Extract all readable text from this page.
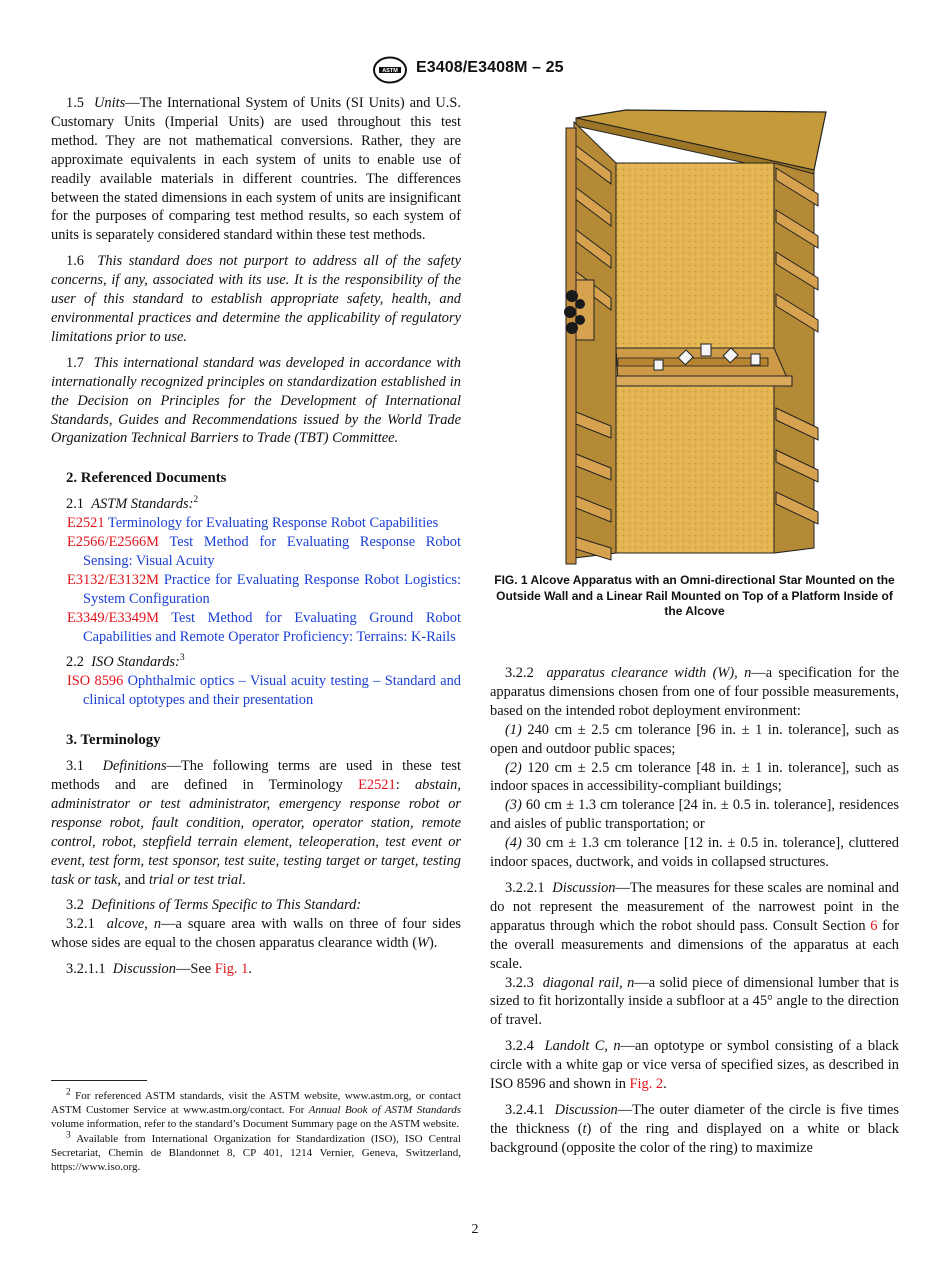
ASTM E3408/E3408M – 25

1.5 Units—The International System of Units (SI Units) and U.S. Customary Units (Imperial Units) are used throughout this test method. They are not mathematical conversions. Rather, they are approximate equivalents in each system of units to enable use of readily available materials in different countries. The differences between the stated dimensions in each system of units are insignificant for the purposes of comparing test method results, so each system of units is separately considered standard within these test methods.

1.6 This standard does not purport to address all of the safety concerns, if any, associated with its use. It is the responsibility of the user of this standard to establish appropriate safety, health, and environmental practices and determine the applicability of regulatory limitations prior to use.

1.7 This international standard was developed in accordance with internationally recognized principles on standardization established in the Decision on Principles for the Development of International Standards, Guides and Recommendations issued by the World Trade Organization Technical Barriers to Trade (TBT) Committee.

2. Referenced Documents

2.1 ASTM Standards:$^2$

E2521 Terminology for Evaluating Response Robot Capabilities

E2566/E2566M Test Method for Evaluating Response Robot Sensing: Visual Acuity

E3132/E3132M Practice for Evaluating Response Robot Logistics: System Configuration

E3349/E3349M Test Method for Evaluating Ground Robot Capabilities and Remote Operator Proficiency: Terrains: K-Rails

2.2 ISO Standards:$^3$

ISO 8596 Ophthalmic optics – Visual acuity testing – Standard and clinical optotypes and their presentation

3. Terminology

3.1 Definitions—The following terms are used in these test methods and are defined in Terminology E2521: abstain, administrator or test administrator, emergency response robot or response robot, fault condition, operator, operator station, remote control, robot, stepfield terrain element, teleoperation, test event or event, test form, test sponsor, test suite, testing target or target, testing task or task, and trial or test trial.

3.2 Definitions of Terms Specific to This Standard:

3.2.1 alcove, n—a square area with walls on three of four sides whose sides are equal to the chosen apparatus clearance width (W).

3.2.1.1 Discussion—See Fig. 1.

$^2$ For referenced ASTM standards, visit the ASTM website, www.astm.org, or contact ASTM Customer Service at www.astm.org/contact. For Annual Book of ASTM Standards volume information, refer to the standard’s Document Summary page on the ASTM website.

$^3$ Available from International Organization for Standardization (ISO), ISO Central Secretariat, Chemin de Blandonnet 8, CP 401, 1214 Vernier, Geneva, Switzerland, https://www.iso.org.

FIG. 1 Alcove Apparatus with an Omni-directional Star Mounted on the Outside Wall and a Linear Rail Mounted on Top of a Platform Inside of the Alcove

3.2.2 apparatus clearance width (W), n—a specification for the apparatus dimensions chosen from one of four possible measurements, based on the intended robot deployment environment:

(1) 240 cm ± 2.5 cm tolerance [96 in. ± 1 in. tolerance], such as open and outdoor public spaces;

(2) 120 cm ± 2.5 cm tolerance [48 in. ± 1 in. tolerance], such as indoor spaces in accessibility-compliant buildings;

(3) 60 cm ± 1.3 cm tolerance [24 in. ± 0.5 in. tolerance], residences and aisles of public transportation; or

(4) 30 cm ± 1.3 cm tolerance [12 in. ± 0.5 in. tolerance], cluttered indoor spaces, ductwork, and voids in collapsed structures.

3.2.2.1 Discussion—The measures for these scales are nominal and do not represent the measurement of the narrowest point in the apparatus through which the robot should pass. Consult Section 6 for the overall measurements and dimensions of the apparatus at each scale.

3.2.3 diagonal rail, n—a solid piece of dimensional lumber that is sized to fit horizontally inside a subfloor at a 45° angle to the direction of travel.

3.2.4 Landolt C, n—an optotype or symbol consisting of a black circle with a white gap or vice versa of specified sizes, as described in ISO 8596 and shown in Fig. 2.

3.2.4.1 Discussion—The outer diameter of the circle is five times the thickness (t) of the ring and displayed on a white or black background (opposite the color of the ring) to maximize

2
